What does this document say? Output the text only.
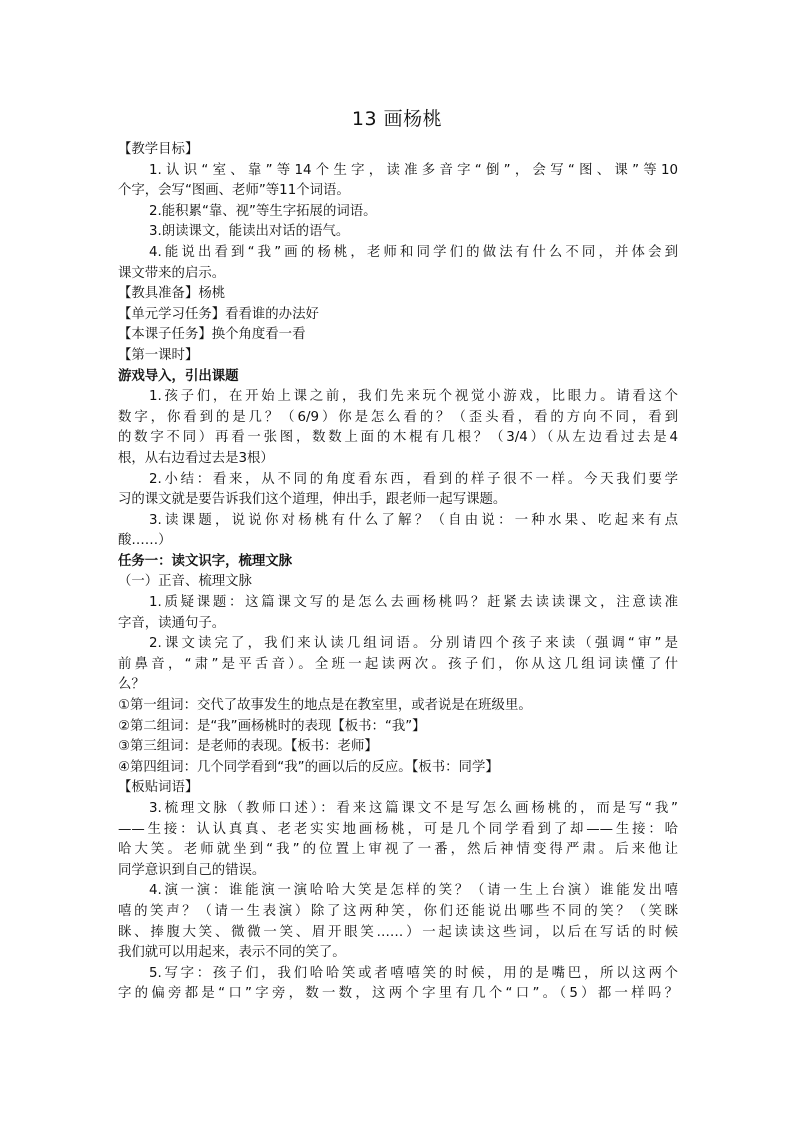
13 画杨桃
【教学目标】
1.认识“室、靠”等14个生字，读准多音字“倒”，会写“图、课”等10
个字，会写“图画、老师”等11个词语。
2.能积累“靠、视”等生字拓展的词语。
3.朗读课文，能读出对话的语气。
4.能说出看到“我”画的杨桃，老师和同学们的做法有什么不同，并体会到
课文带来的启示。
【教具准备】杨桃
【单元学习任务】看看谁的办法好
【本课子任务】换个角度看一看
【第一课时】
游戏导入，引出课题
1.孩子们，在开始上课之前，我们先来玩个视觉小游戏，比眼力。请看这个
数字，你看到的是几？（6/9）你是怎么看的？（歪头看，看的方向不同，看到
的数字不同）再看一张图，数数上面的木棍有几根？（3/4）（从左边看过去是4
根，从右边看过去是3根）
2.小结：看来，从不同的角度看东西，看到的样子很不一样。今天我们要学
习的课文就是要告诉我们这个道理，伸出手，跟老师一起写课题。
3.读课题，说说你对杨桃有什么了解？（自由说：一种水果、吃起来有点
酸……）
任务一：读文识字，梳理文脉
（一）正音、梳理文脉
1.质疑课题：这篇课文写的是怎么去画杨桃吗？赶紧去读读课文，注意读准
字音，读通句子。
2.课文读完了，我们来认读几组词语。分别请四个孩子来读（强调“审”是
前鼻音，“肃”是平舌音）。全班一起读两次。孩子们，你从这几组词读懂了什
么？
①第一组词：交代了故事发生的地点是在教室里，或者说是在班级里。
②第二组词：是“我”画杨桃时的表现【板书：“我”】
③第三组词：是老师的表现。【板书：老师】
④第四组词：几个同学看到“我”的画以后的反应。【板书：同学】
【板贴词语】
3.梳理文脉（教师口述）：看来这篇课文不是写怎么画杨桃的，而是写“我”
——生接：认认真真、老老实实地画杨桃，可是几个同学看到了却——生接：哈
哈大笑。老师就坐到“我”的位置上审视了一番，然后神情变得严肃。后来他让
同学意识到自己的错误。
4.演一演：谁能演一演哈哈大笑是怎样的笑？（请一生上台演）谁能发出嘻
嘻的笑声？（请一生表演）除了这两种笑，你们还能说出哪些不同的笑？（笑眯
眯、捧腹大笑、微微一笑、眉开眼笑……）一起读读这些词，以后在写话的时候
我们就可以用起来，表示不同的笑了。
5.写字：孩子们，我们哈哈笑或者嘻嘻笑的时候，用的是嘴巴，所以这两个
字的偏旁都是“口”字旁，数一数，这两个字里有几个“口”。（5）都一样吗？
